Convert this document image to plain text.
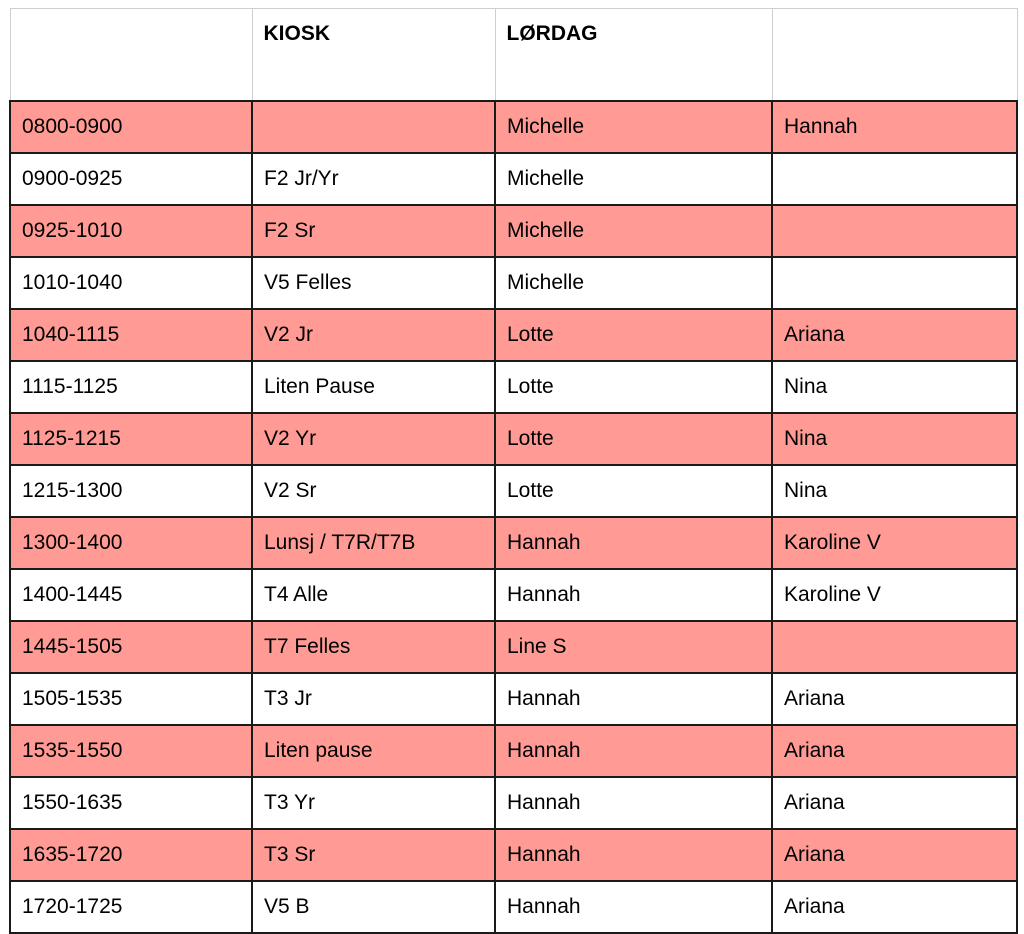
	KIOSK	LØRDAG	
0800-0900		Michelle	Hannah
0900-0925	F2 Jr/Yr	Michelle	
0925-1010	F2 Sr	Michelle	
1010-1040	V5 Felles	Michelle	
1040-1115	V2 Jr	Lotte	Ariana
1115-1125	Liten Pause	Lotte	Nina
1125-1215	V2 Yr	Lotte	Nina
1215-1300	V2 Sr	Lotte	Nina
1300-1400	Lunsj / T7R/T7B	Hannah	Karoline V
1400-1445	T4 Alle	Hannah	Karoline V
1445-1505	T7 Felles	Line S	
1505-1535	T3 Jr	Hannah	Ariana
1535-1550	Liten pause	Hannah	Ariana
1550-1635	T3 Yr	Hannah	Ariana
1635-1720	T3 Sr	Hannah	Ariana
1720-1725	V5 B	Hannah	Ariana
